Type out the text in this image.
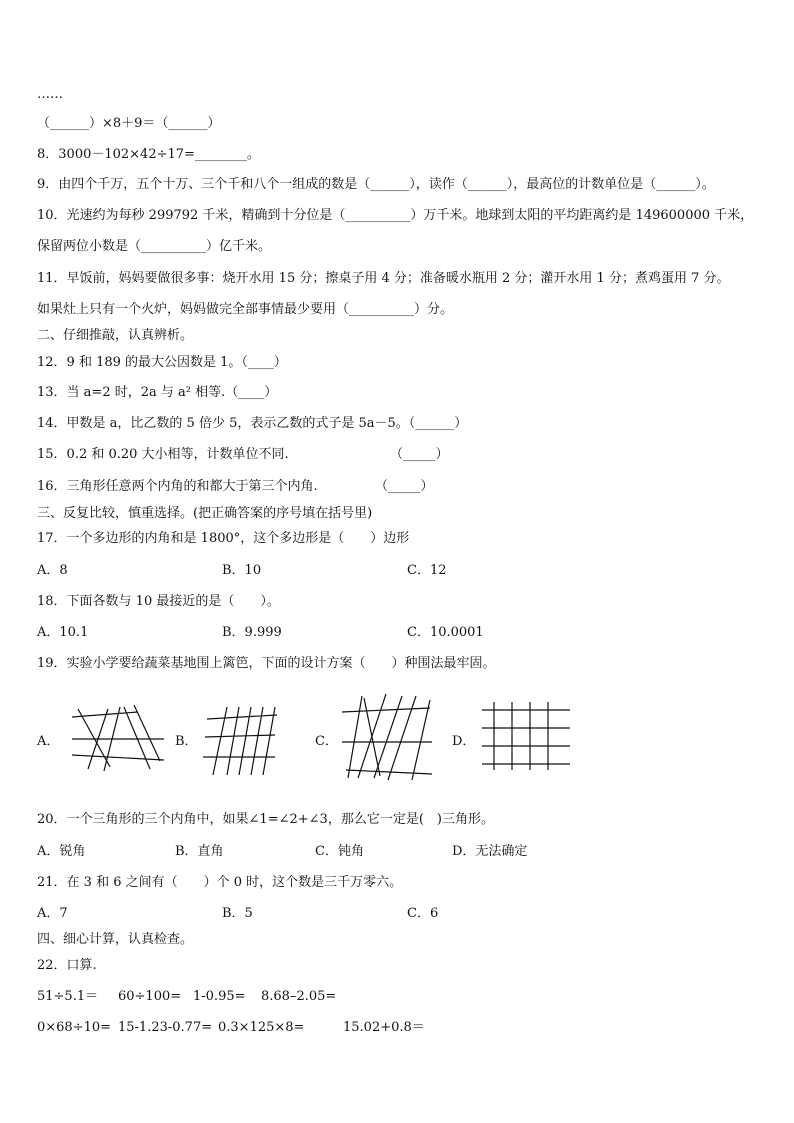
……
（______）×8＋9＝（______）
8．3000－102×42÷17=________。
9．由四个千万，五个十万、三个千和八个一组成的数是（______），读作（______），最高位的计数单位是（______）。
10．光速约为每秒 299792 千米，精确到十分位是（__________）万千米。地球到太阳的平均距离约是 149600000 千米，
保留两位小数是（__________）亿千米。
11．早饭前，妈妈要做很多事：烧开水用 15 分；擦桌子用 4 分；准备暖水瓶用 2 分；灌开水用 1 分；煮鸡蛋用 7 分。
如果灶上只有一个火炉，妈妈做完全部事情最少要用（__________）分。
二、仔细推敲，认真辨析。
12．9 和 189 的最大公因数是 1。（____）
13．当 a=2 时，2a 与 a² 相等.（____）
14．甲数是 a，比乙数的 5 倍少 5，表示乙数的式子是 5a－5。（______）
15．0.2 和 0.20 大小相等，计数单位不同.	（_____）
16．三角形任意两个内角的和都大于第三个内角.	（_____）
三、反复比较，慎重选择。(把正确答案的序号填在括号里)
17．一个多边形的内角和是 1800°，这个多边形是（　　）边形
A．8	B．10	C．12
18．下面各数与 10 最接近的是（　　）。
A．10.1	B．9.999	C．10.0001
19．实验小学要给蔬菜基地围上篱笆，下面的设计方案（　　）种围法最牢固。
A．	B．	C．	D．
20．一个三角形的三个内角中，如果∠1=∠2+∠3，那么它一定是(　)三角形。
A．锐角	B．直角	C．钝角	D．无法确定
21．在 3 和 6 之间有（　　）个 0 时，这个数是三千万零六。
A．7	B．5	C．6
四、细心计算，认真检查。
22．口算.
51÷5.1＝ 60÷100= 1-0.95= 8.68–2.05=
0×68÷10= 15-1.23-0.77= 0.3×125×8=	15.02+0.8＝
